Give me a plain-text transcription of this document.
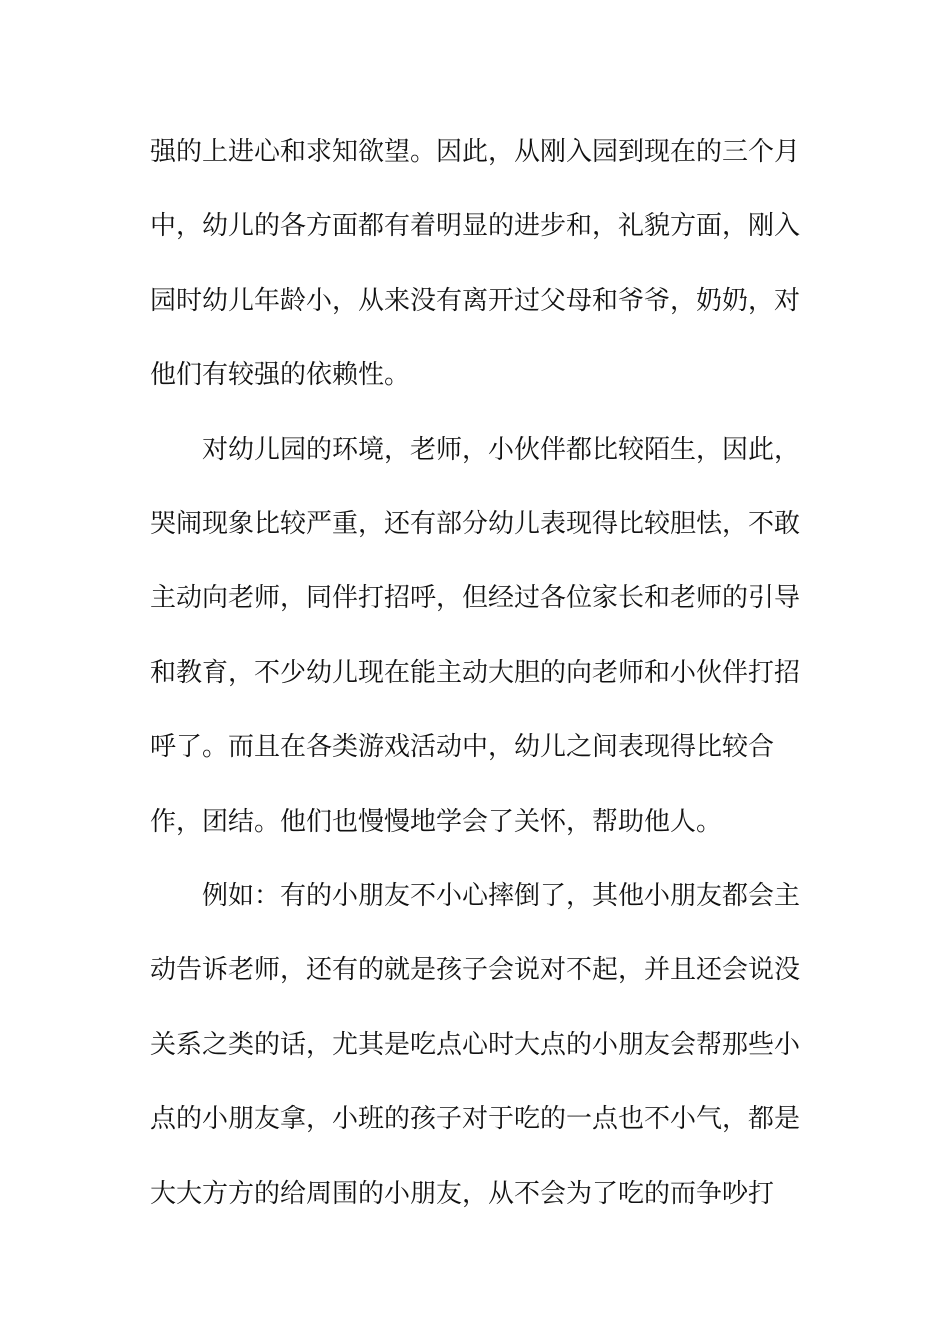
强的上进心和求知欲望。因此，从刚入园到现在的三个月
中，幼儿的各方面都有着明显的进步和，礼貌方面，刚入
园时幼儿年龄小，从来没有离开过父母和爷爷，奶奶，对
他们有较强的依赖性。
对幼儿园的环境，老师，小伙伴都比较陌生，因此，
哭闹现象比较严重，还有部分幼儿表现得比较胆怯，不敢
主动向老师，同伴打招呼，但经过各位家长和老师的引导
和教育，不少幼儿现在能主动大胆的向老师和小伙伴打招
呼了。而且在各类游戏活动中，幼儿之间表现得比较合
作，团结。他们也慢慢地学会了关怀，帮助他人。
例如：有的小朋友不小心摔倒了，其他小朋友都会主
动告诉老师，还有的就是孩子会说对不起，并且还会说没
关系之类的话，尤其是吃点心时大点的小朋友会帮那些小
点的小朋友拿，小班的孩子对于吃的一点也不小气，都是
大大方方的给周围的小朋友，从不会为了吃的而争吵打
